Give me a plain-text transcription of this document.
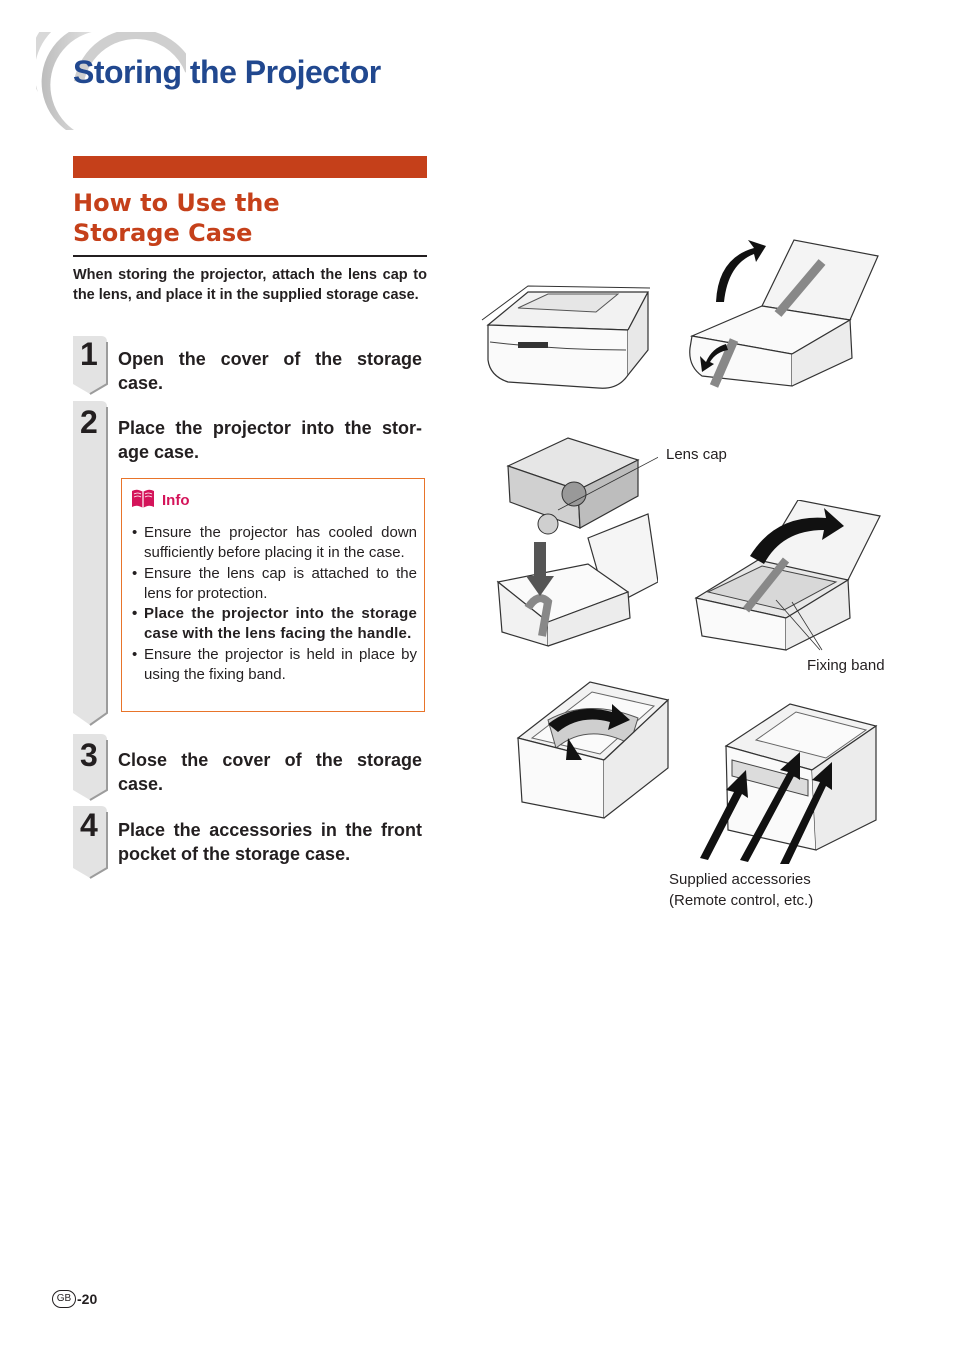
Storing the Projector
How to Use the
Storage Case
When storing the projector, attach the lens cap to the lens, and place it in the supplied storage case.
1 Open the cover of the storage case.
2 Place the projector into the stor-age case.
Info
• Ensure the projector has cooled down sufficiently before placing it in the case.
• Ensure the lens cap is attached to the lens for protection.
• Place the projector into the storage case with the lens facing the handle.
• Ensure the projector is held in place by using the fixing band.
3 Close the cover of the storage case.
4 Place the accessories in the front pocket of the storage case.
Lens cap
Fixing band
Supplied accessories
(Remote control, etc.)
GB -20
